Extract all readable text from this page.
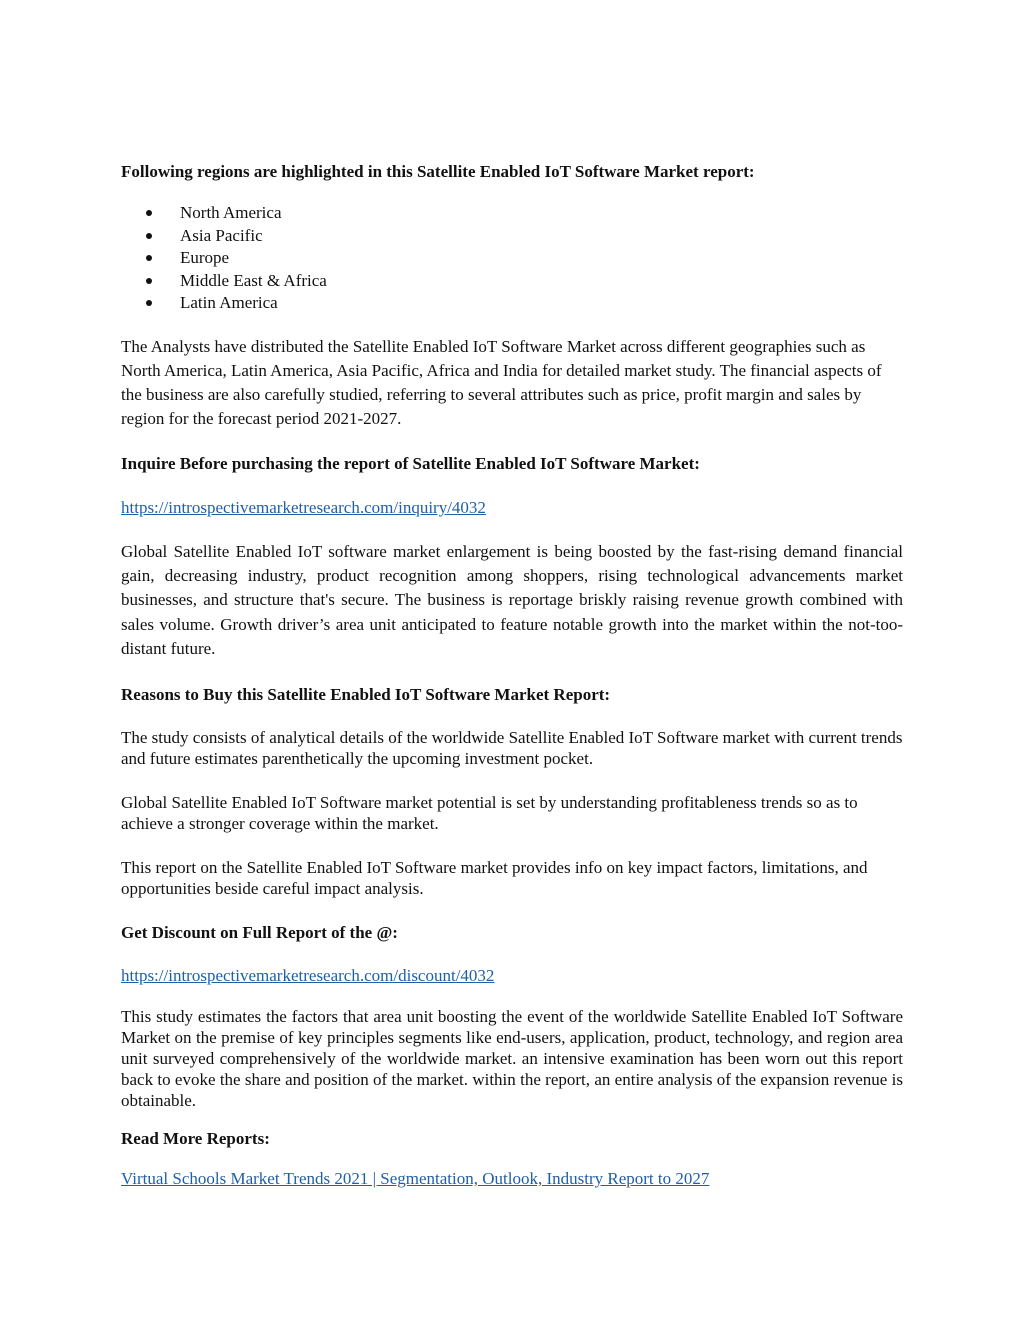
Following regions are highlighted in this Satellite Enabled IoT Software Market report:

North America
Asia Pacific
Europe
Middle East & Africa
Latin America

The Analysts have distributed the Satellite Enabled IoT Software Market across different geographies such as North America, Latin America, Asia Pacific, Africa and India for detailed market study. The financial aspects of the business are also carefully studied, referring to several attributes such as price, profit margin and sales by region for the forecast period 2021-2027.

Inquire Before purchasing the report of Satellite Enabled IoT Software Market:

https://introspectivemarketresearch.com/inquiry/4032

Global Satellite Enabled IoT software market enlargement is being boosted by the fast-rising demand financial gain, decreasing industry, product recognition among shoppers, rising technological advancements market businesses, and structure that's secure. The business is reportage briskly raising revenue growth combined with sales volume. Growth driver’s area unit anticipated to feature notable growth into the market within the not-too-distant future.

Reasons to Buy this Satellite Enabled IoT Software Market Report:

The study consists of analytical details of the worldwide Satellite Enabled IoT Software market with current trends and future estimates parenthetically the upcoming investment pocket.

Global Satellite Enabled IoT Software market potential is set by understanding profitableness trends so as to achieve a stronger coverage within the market.

This report on the Satellite Enabled IoT Software market provides info on key impact factors, limitations, and opportunities beside careful impact analysis.

Get Discount on Full Report of the @:

https://introspectivemarketresearch.com/discount/4032

This study estimates the factors that area unit boosting the event of the worldwide Satellite Enabled IoT Software Market on the premise of key principles segments like end-users, application, product, technology, and region area unit surveyed comprehensively of the worldwide market. an intensive examination has been worn out this report back to evoke the share and position of the market. within the report, an entire analysis of the expansion revenue is obtainable.

Read More Reports:

Virtual Schools Market Trends 2021 | Segmentation, Outlook, Industry Report to 2027
